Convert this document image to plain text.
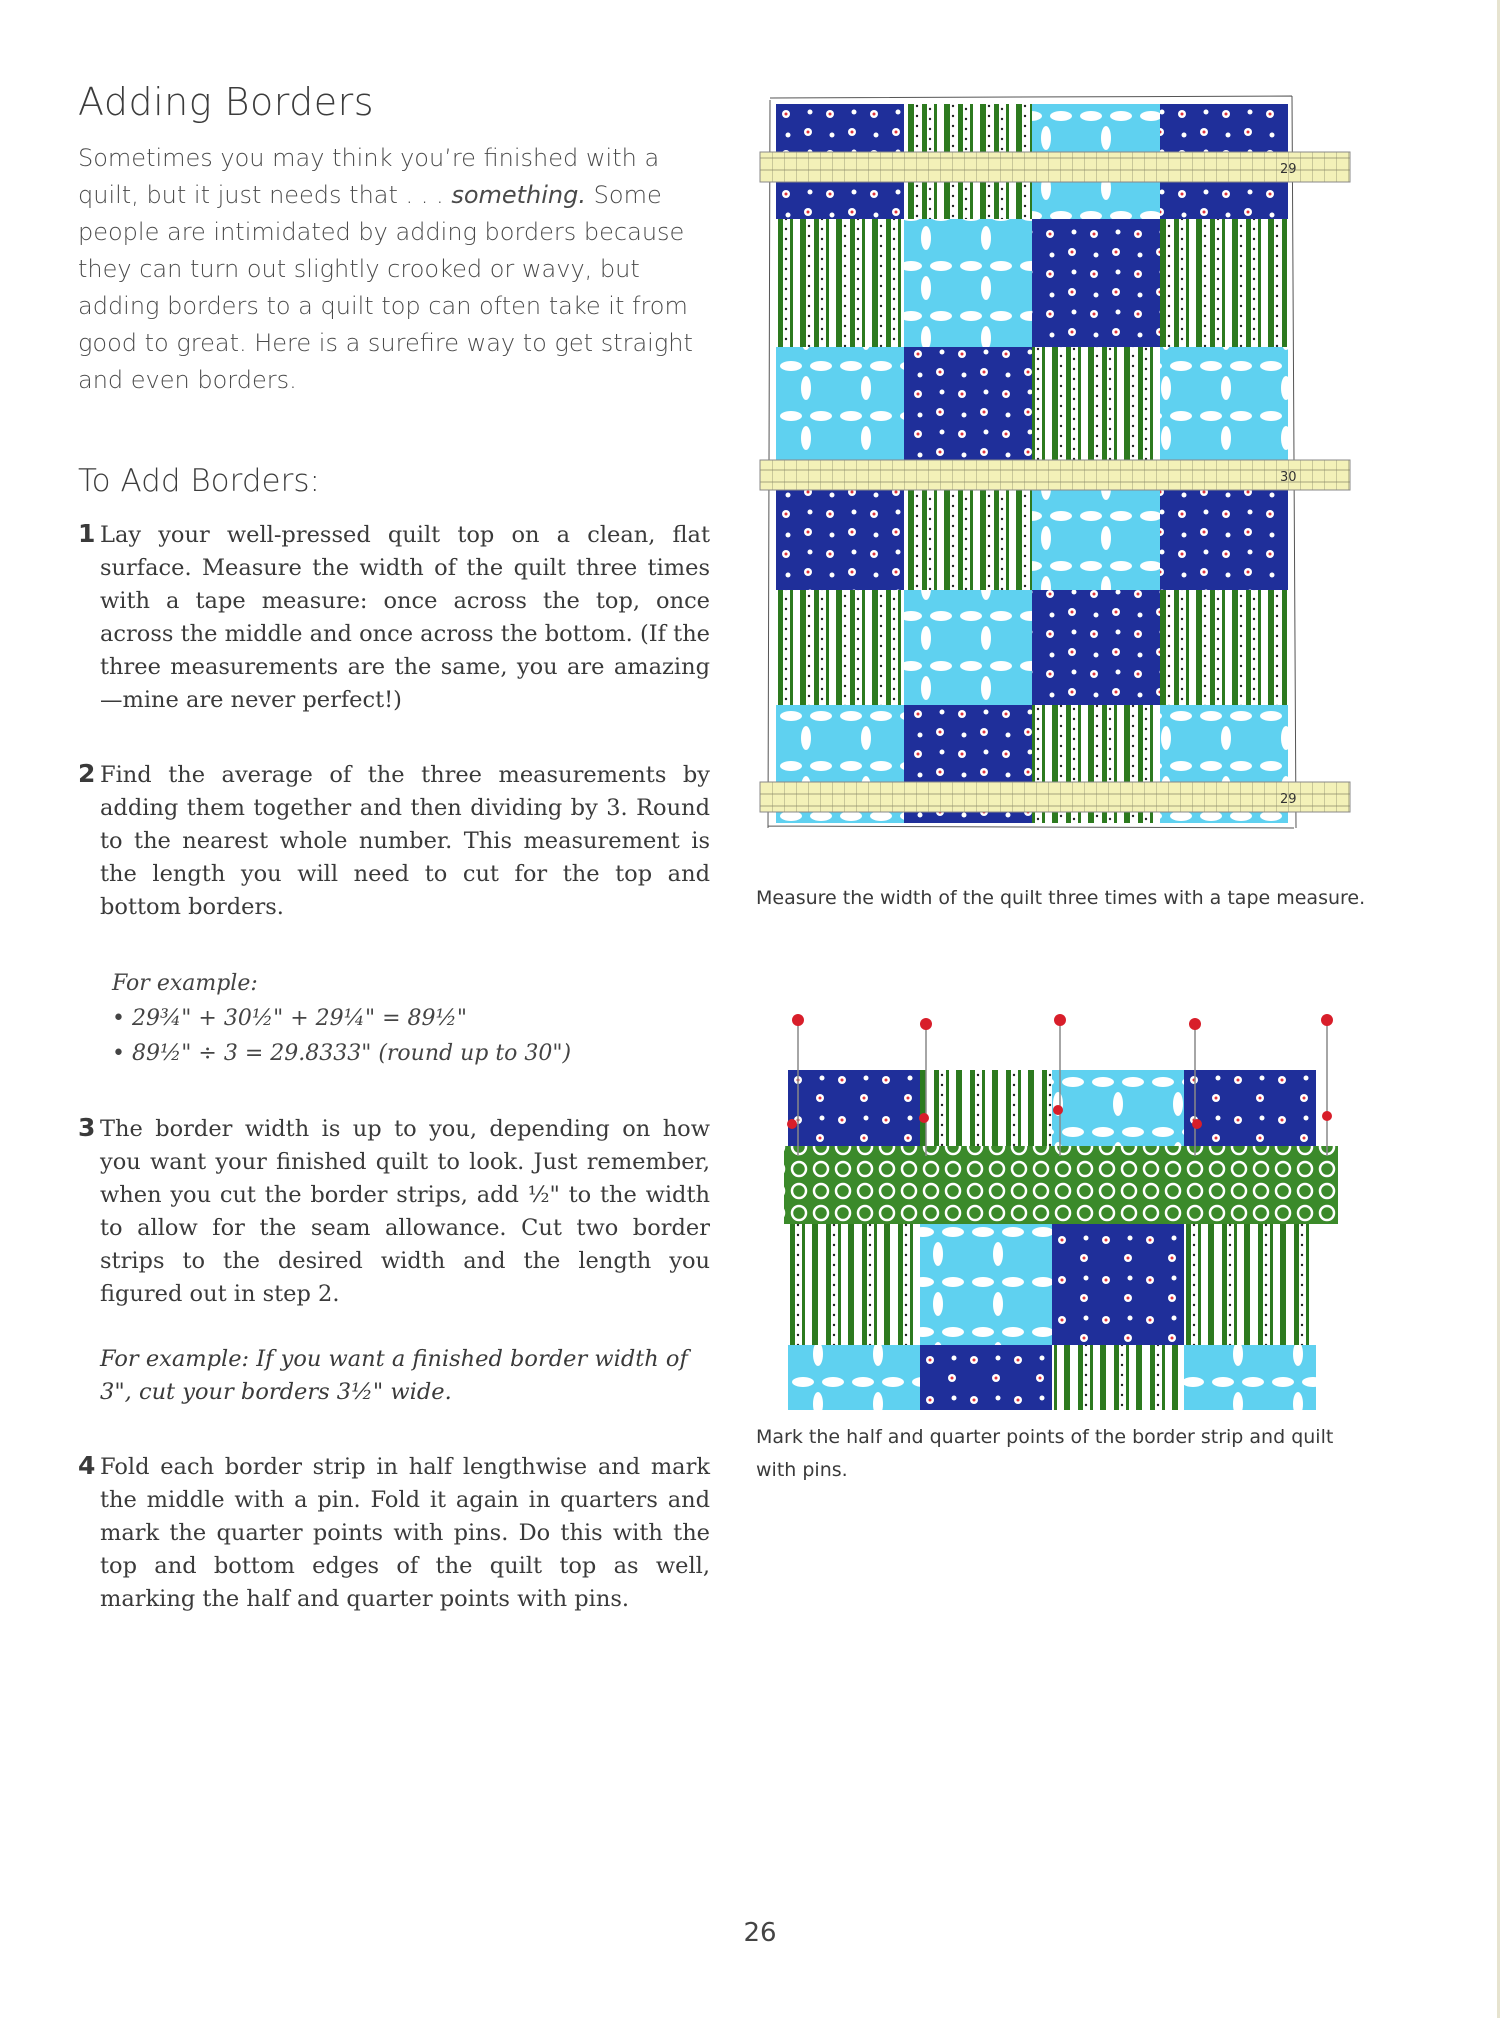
Adding Borders

Sometimes you may think you’re finished with a quilt, but it just needs that . . . something. Some people are intimidated by adding borders because they can turn out slightly crooked or wavy, but adding borders to a quilt top can often take it from good to great. Here is a surefire way to get straight and even borders.

To Add Borders:
1 Lay your well-pressed quilt top on a clean, flat surface. Measure the width of the quilt three times with a tape measure: once across the top, once across the middle and once across the bottom. (If the three measurements are the same, you are amazing—mine are never perfect!)

2 Find the average of the three measurements by adding them together and then dividing by 3. Round to the nearest whole number. This measurement is the length you will need to cut for the top and bottom borders.

For example:
• 29¾" + 30½" + 29¼" = 89½"
• 89½" ÷ 3 = 29.8333" (round up to 30")
3 The border width is up to you, depending on how you want your finished quilt to look. Just remember, when you cut the border strips, add ½" to the width to allow for the seam allowance. Cut two border strips to the desired width and the length you figured out in step 2.

For example: If you want a finished border width of 3", cut your borders 3½" wide.

4 Fold each border strip in half lengthwise and mark the middle with a pin. Fold it again in quarters and mark the quarter points with pins. Do this with the top and bottom edges of the quilt top as well, marking the half and quarter points with pins.

29
30
29
Measure the width of the quilt three times with a tape measure.
Mark the half and quarter points of the border strip and quilt with pins.
26
